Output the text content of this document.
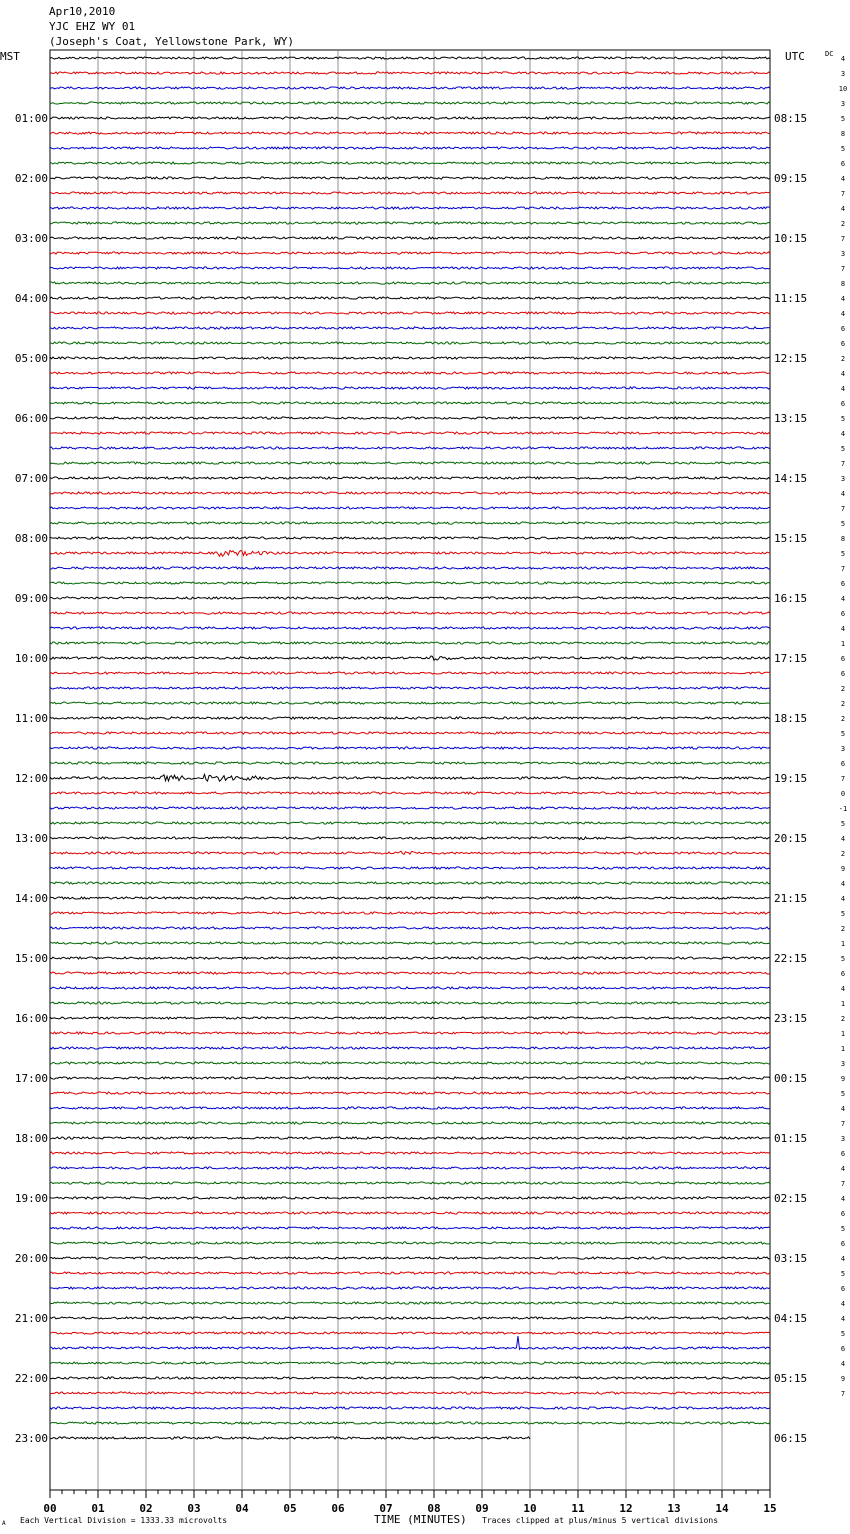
Apr10,2010
YJC EHZ WY 01
(Joseph's Coat, Yellowstone Park, WY)
MST	UTC	DC
01:00
02:00
03:00
04:00
05:00
06:00
07:00
08:00
09:00
10:00
11:00
12:00
13:00
14:00
15:00
16:00
17:00
18:00
19:00
20:00
21:00
22:00
23:00
08:15
09:15
10:15
11:15
12:15
13:15
14:15
15:15
16:15
17:15
18:15
19:15
20:15
21:15
22:15
23:15
00:15
01:15
02:15
03:15
04:15
05:15
06:15
4
3
10
3
5
8
5
6
4
7
4
2
7
3
7
8
4
4
6
6
2
4
4
6
5
4
5
7
3
4
7
5
8
5
7
6
4
6
4
1
6
6
2
2
2
5
3
6
7
0
-1
5
4
2
9
4
4
5
2
1
5
6
4
1
2
1
1
3
9
5
4
7
3
6
4
7
4
6
5
6
4
5
6
4
4
5
6
4
9
7
00	01	02	03	04	05	06	07	08	09	10	11	12	13	14	15
A Each Vertical Division = 1333.33 microvolts	TIME (MINUTES) Traces clipped at plus/minus 5 vertical divisions
